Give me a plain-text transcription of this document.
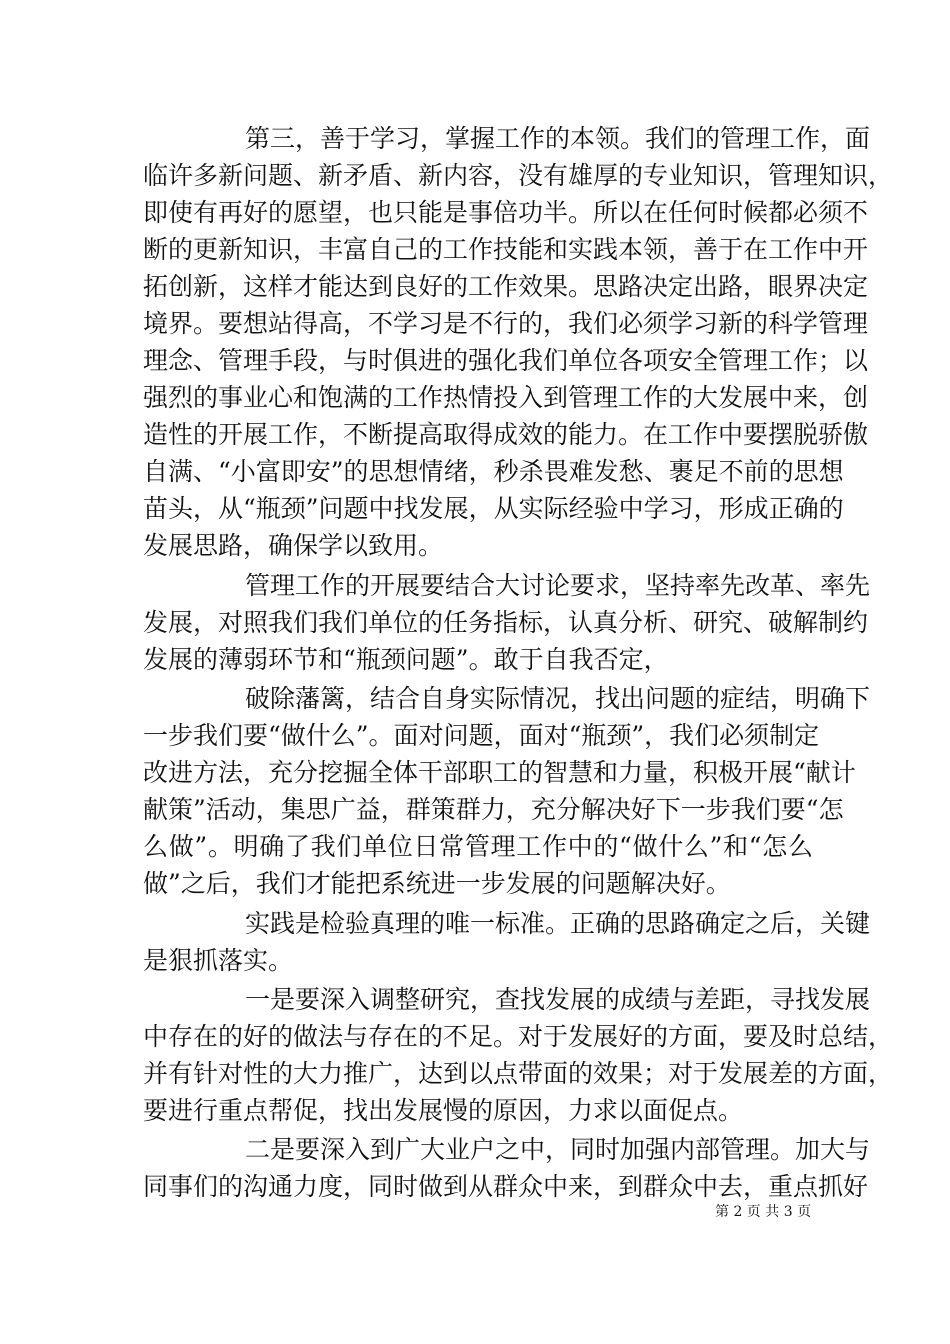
第三，善于学习，掌握工作的本领。我们的管理工作，面
临许多新问题、新矛盾、新内容，没有雄厚的专业知识，管理知识，
即使有再好的愿望，也只能是事倍功半。所以在任何时候都必须不
断的更新知识，丰富自己的工作技能和实践本领，善于在工作中开
拓创新，这样才能达到良好的工作效果。思路决定出路，眼界决定
境界。要想站得高，不学习是不行的，我们必须学习新的科学管理
理念、管理手段，与时俱进的强化我们单位各项安全管理工作；以
强烈的事业心和饱满的工作热情投入到管理工作的大发展中来，创
造性的开展工作，不断提高取得成效的能力。在工作中要摆脱骄傲
自满、“小富即安”的思想情绪，秒杀畏难发愁、裹足不前的思想
苗头，从“瓶颈”问题中找发展，从实际经验中学习，形成正确的
发展思路，确保学以致用。
管理工作的开展要结合大讨论要求，坚持率先改革、率先
发展，对照我们我们单位的任务指标，认真分析、研究、破解制约
发展的薄弱环节和“瓶颈问题”。敢于自我否定，
破除藩篱，结合自身实际情况，找出问题的症结，明确下
一步我们要“做什么”。面对问题，面对“瓶颈”，我们必须制定
改进方法，充分挖掘全体干部职工的智慧和力量，积极开展“献计
献策”活动，集思广益，群策群力，充分解决好下一步我们要“怎
么做”。明确了我们单位日常管理工作中的“做什么”和“怎么
做”之后，我们才能把系统进一步发展的问题解决好。
实践是检验真理的唯一标准。正确的思路确定之后，关键
是狠抓落实。
一是要深入调整研究，查找发展的成绩与差距，寻找发展
中存在的好的做法与存在的不足。对于发展好的方面，要及时总结，
并有针对性的大力推广，达到以点带面的效果；对于发展差的方面，
要进行重点帮促，找出发展慢的原因，力求以面促点。
二是要深入到广大业户之中，同时加强内部管理。加大与
同事们的沟通力度，同时做到从群众中来，到群众中去，重点抓好
第 2 页 共 3 页
